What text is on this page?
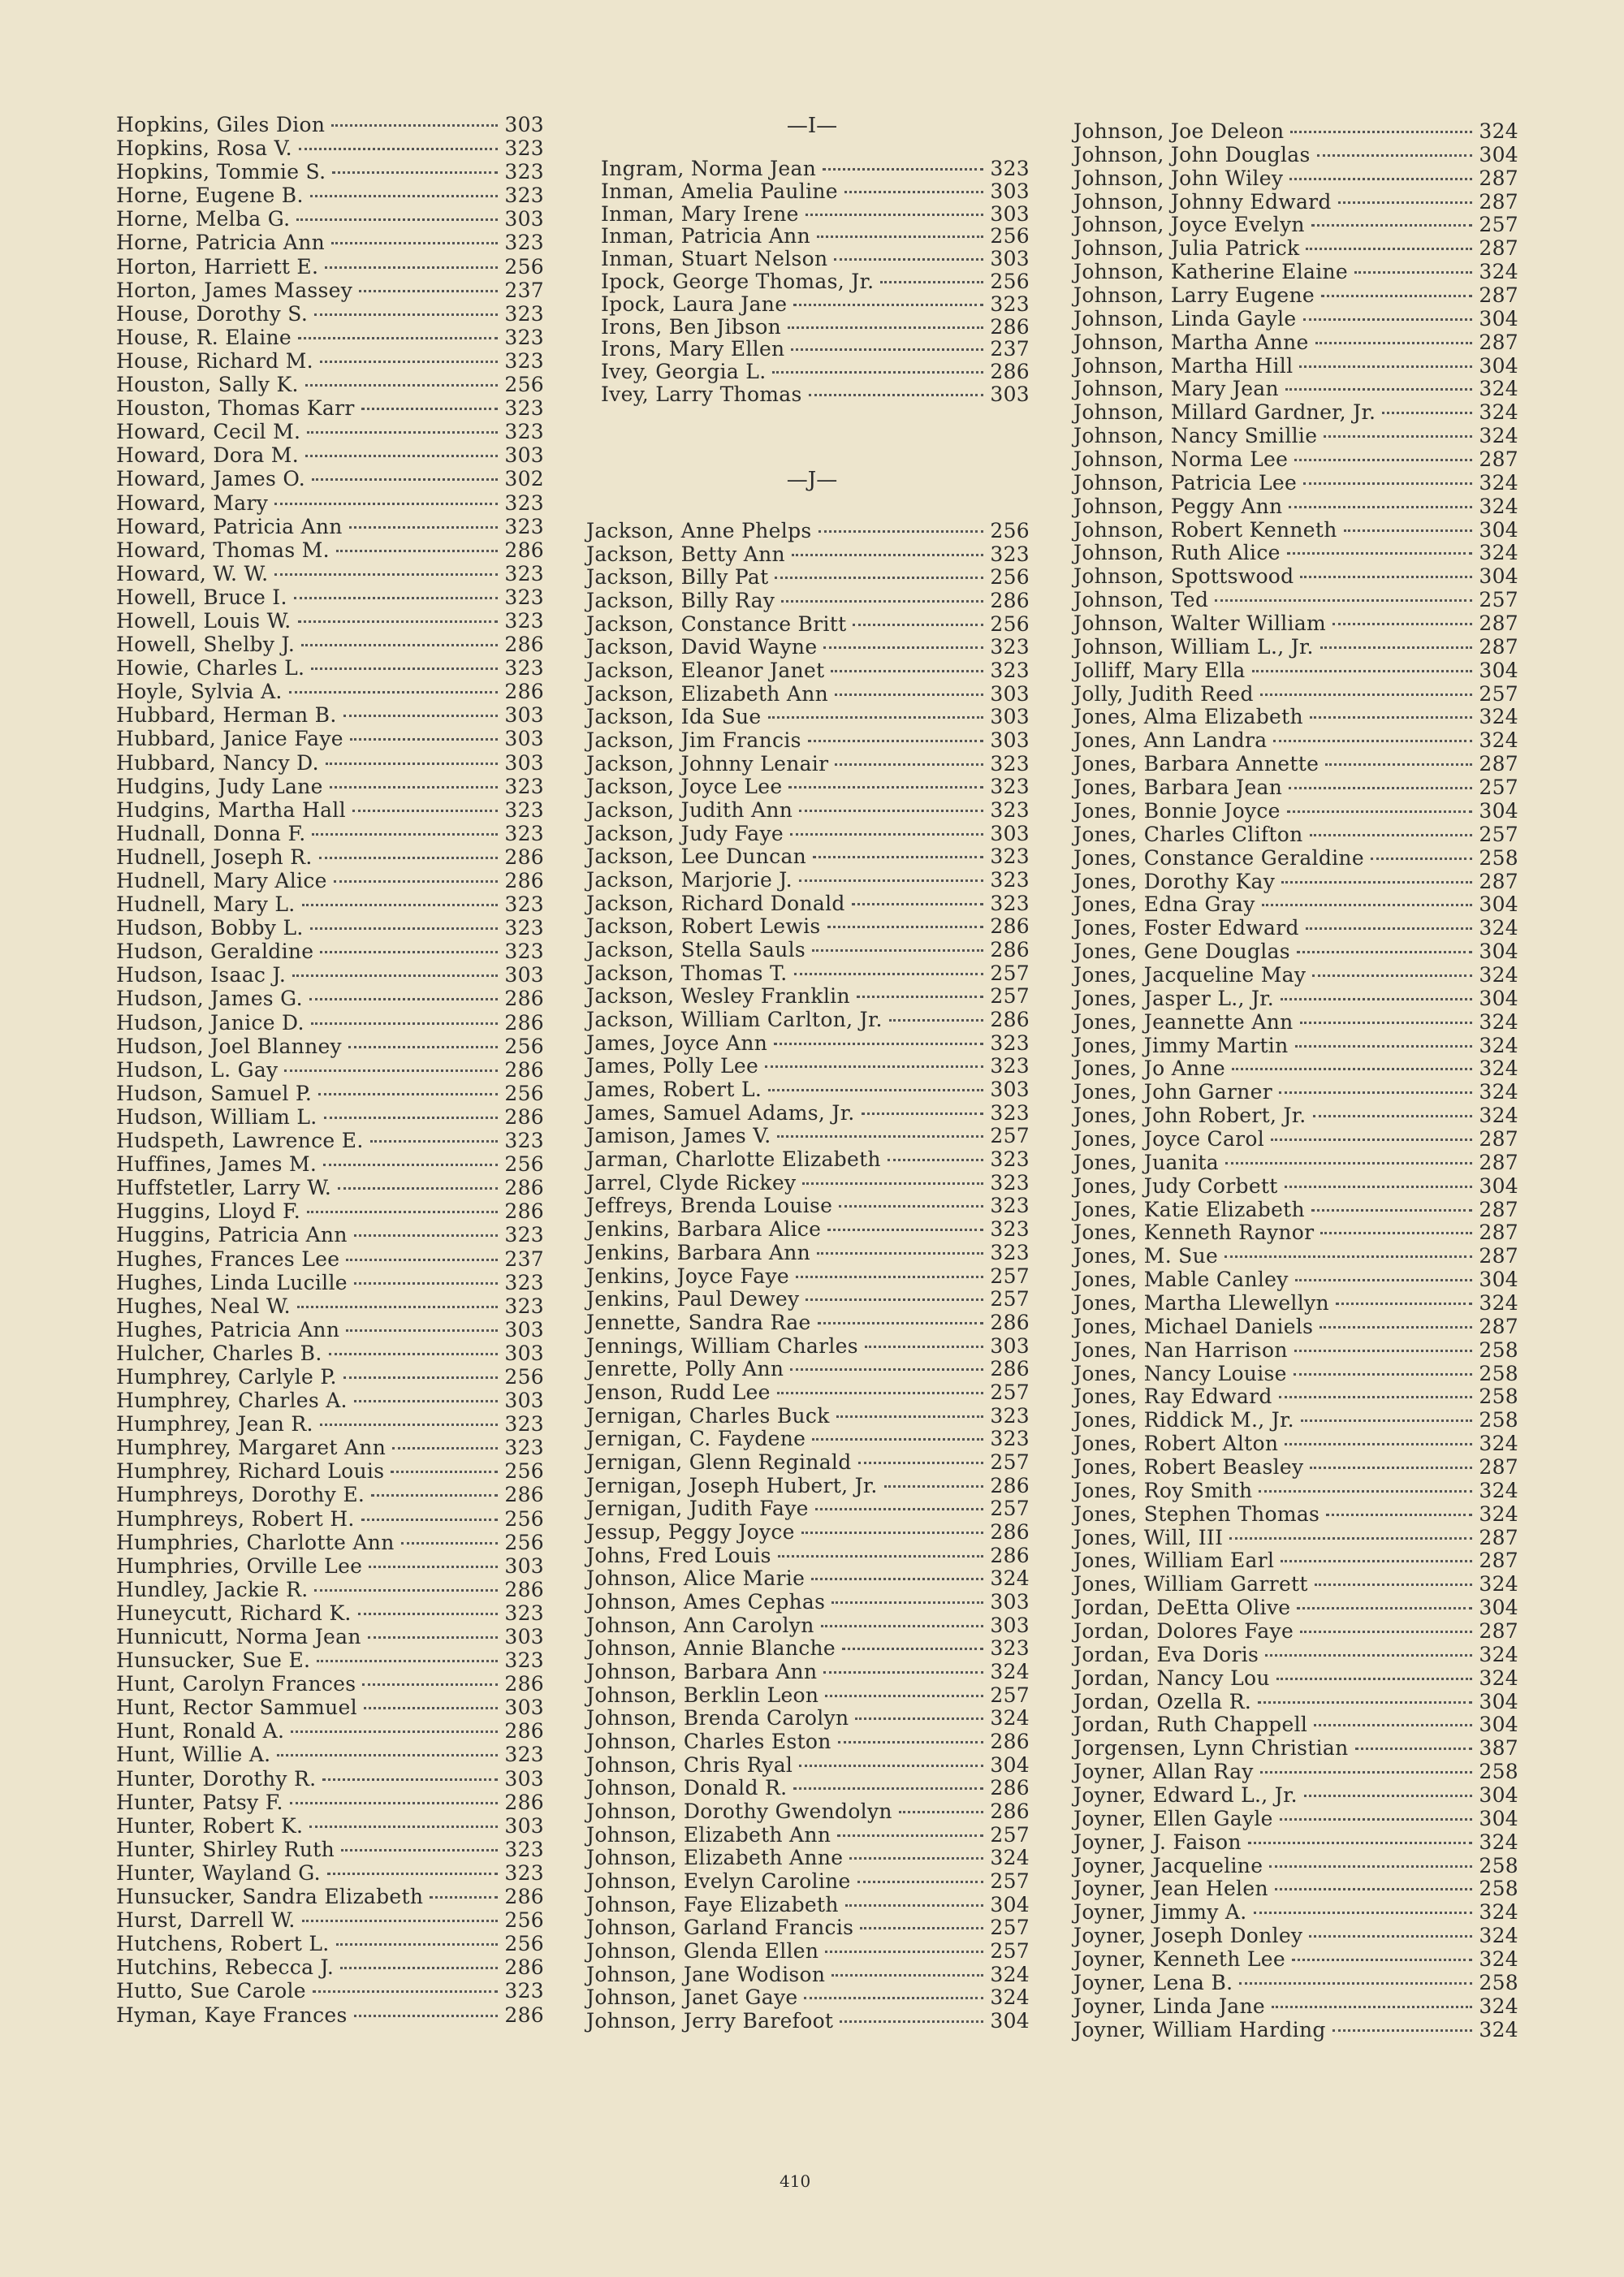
Hopkins, Giles Dion	303
Hopkins, Rosa V.	323
Hopkins, Tommie S.	323
Horne, Eugene B.	323
Horne, Melba G.	303
Horne, Patricia Ann	323
Horton, Harriett E.	256
Horton, James Massey	237
House, Dorothy S.	323
House, R. Elaine	323
House, Richard M.	323
Houston, Sally K.	256
Houston, Thomas Karr	323
Howard, Cecil M.	323
Howard, Dora M.	303
Howard, James O.	302
Howard, Mary	323
Howard, Patricia Ann	323
Howard, Thomas M.	286
Howard, W. W.	323
Howell, Bruce I.	323
Howell, Louis W.	323
Howell, Shelby J.	286
Howie, Charles L.	323
Hoyle, Sylvia A.	286
Hubbard, Herman B.	303
Hubbard, Janice Faye	303
Hubbard, Nancy D.	303
Hudgins, Judy Lane	323
Hudgins, Martha Hall	323
Hudnall, Donna F.	323
Hudnell, Joseph R.	286
Hudnell, Mary Alice	286
Hudnell, Mary L.	323
Hudson, Bobby L.	323
Hudson, Geraldine	323
Hudson, Isaac J.	303
Hudson, James G.	286
Hudson, Janice D.	286
Hudson, Joel Blanney	256
Hudson, L. Gay	286
Hudson, Samuel P.	256
Hudson, William L.	286
Hudspeth, Lawrence E.	323
Huffines, James M.	256
Huffstetler, Larry W.	286
Huggins, Lloyd F.	286
Huggins, Patricia Ann	323
Hughes, Frances Lee	237
Hughes, Linda Lucille	323
Hughes, Neal W.	323
Hughes, Patricia Ann	303
Hulcher, Charles B.	303
Humphrey, Carlyle P.	256
Humphrey, Charles A.	303
Humphrey, Jean R.	323
Humphrey, Margaret Ann	323
Humphrey, Richard Louis	256
Humphreys, Dorothy E.	286
Humphreys, Robert H.	256
Humphries, Charlotte Ann	256
Humphries, Orville Lee	303
Hundley, Jackie R.	286
Huneycutt, Richard K.	323
Hunnicutt, Norma Jean	303
Hunsucker, Sue E.	323
Hunt, Carolyn Frances	286
Hunt, Rector Sammuel	303
Hunt, Ronald A.	286
Hunt, Willie A.	323
Hunter, Dorothy R.	303
Hunter, Patsy F.	286
Hunter, Robert K.	303
Hunter, Shirley Ruth	323
Hunter, Wayland G.	323
Hunsucker, Sandra Elizabeth	286
Hurst, Darrell W.	256
Hutchens, Robert L.	256
Hutchins, Rebecca J.	286
Hutto, Sue Carole	323
Hyman, Kaye Frances	286
—I—
Ingram, Norma Jean	323
Inman, Amelia Pauline	303
Inman, Mary Irene	303
Inman, Patricia Ann	256
Inman, Stuart Nelson	303
Ipock, George Thomas, Jr.	256
Ipock, Laura Jane	323
Irons, Ben Jibson	286
Irons, Mary Ellen	237
Ivey, Georgia L.	286
Ivey, Larry Thomas	303
—J—
Jackson, Anne Phelps	256
Jackson, Betty Ann	323
Jackson, Billy Pat	256
Jackson, Billy Ray	286
Jackson, Constance Britt	256
Jackson, David Wayne	323
Jackson, Eleanor Janet	323
Jackson, Elizabeth Ann	303
Jackson, Ida Sue	303
Jackson, Jim Francis	303
Jackson, Johnny Lenair	323
Jackson, Joyce Lee	323
Jackson, Judith Ann	323
Jackson, Judy Faye	303
Jackson, Lee Duncan	323
Jackson, Marjorie J.	323
Jackson, Richard Donald	323
Jackson, Robert Lewis	286
Jackson, Stella Sauls	286
Jackson, Thomas T.	257
Jackson, Wesley Franklin	257
Jackson, William Carlton, Jr.	286
James, Joyce Ann	323
James, Polly Lee	323
James, Robert L.	303
James, Samuel Adams, Jr.	323
Jamison, James V.	257
Jarman, Charlotte Elizabeth	323
Jarrel, Clyde Rickey	323
Jeffreys, Brenda Louise	323
Jenkins, Barbara Alice	323
Jenkins, Barbara Ann	323
Jenkins, Joyce Faye	257
Jenkins, Paul Dewey	257
Jennette, Sandra Rae	286
Jennings, William Charles	303
Jenrette, Polly Ann	286
Jenson, Rudd Lee	257
Jernigan, Charles Buck	323
Jernigan, C. Faydene	323
Jernigan, Glenn Reginald	257
Jernigan, Joseph Hubert, Jr.	286
Jernigan, Judith Faye	257
Jessup, Peggy Joyce	286
Johns, Fred Louis	286
Johnson, Alice Marie	324
Johnson, Ames Cephas	303
Johnson, Ann Carolyn	303
Johnson, Annie Blanche	323
Johnson, Barbara Ann	324
Johnson, Berklin Leon	257
Johnson, Brenda Carolyn	324
Johnson, Charles Eston	286
Johnson, Chris Ryal	304
Johnson, Donald R.	286
Johnson, Dorothy Gwendolyn	286
Johnson, Elizabeth Ann	257
Johnson, Elizabeth Anne	324
Johnson, Evelyn Caroline	257
Johnson, Faye Elizabeth	304
Johnson, Garland Francis	257
Johnson, Glenda Ellen	257
Johnson, Jane Wodison	324
Johnson, Janet Gaye	324
Johnson, Jerry Barefoot	304
Johnson, Joe Deleon	324
Johnson, John Douglas	304
Johnson, John Wiley	287
Johnson, Johnny Edward	287
Johnson, Joyce Evelyn	257
Johnson, Julia Patrick	287
Johnson, Katherine Elaine	324
Johnson, Larry Eugene	287
Johnson, Linda Gayle	304
Johnson, Martha Anne	287
Johnson, Martha Hill	304
Johnson, Mary Jean	324
Johnson, Millard Gardner, Jr.	324
Johnson, Nancy Smillie	324
Johnson, Norma Lee	287
Johnson, Patricia Lee	324
Johnson, Peggy Ann	324
Johnson, Robert Kenneth	304
Johnson, Ruth Alice	324
Johnson, Spottswood	304
Johnson, Ted	257
Johnson, Walter William	287
Johnson, William L., Jr.	287
Jolliff, Mary Ella	304
Jolly, Judith Reed	257
Jones, Alma Elizabeth	324
Jones, Ann Landra	324
Jones, Barbara Annette	287
Jones, Barbara Jean	257
Jones, Bonnie Joyce	304
Jones, Charles Clifton	257
Jones, Constance Geraldine	258
Jones, Dorothy Kay	287
Jones, Edna Gray	304
Jones, Foster Edward	324
Jones, Gene Douglas	304
Jones, Jacqueline May	324
Jones, Jasper L., Jr.	304
Jones, Jeannette Ann	324
Jones, Jimmy Martin	324
Jones, Jo Anne	324
Jones, John Garner	324
Jones, John Robert, Jr.	324
Jones, Joyce Carol	287
Jones, Juanita	287
Jones, Judy Corbett	304
Jones, Katie Elizabeth	287
Jones, Kenneth Raynor	287
Jones, M. Sue	287
Jones, Mable Canley	304
Jones, Martha Llewellyn	324
Jones, Michael Daniels	287
Jones, Nan Harrison	258
Jones, Nancy Louise	258
Jones, Ray Edward	258
Jones, Riddick M., Jr.	258
Jones, Robert Alton	324
Jones, Robert Beasley	287
Jones, Roy Smith	324
Jones, Stephen Thomas	324
Jones, Will, III	287
Jones, William Earl	287
Jones, William Garrett	324
Jordan, DeEtta Olive	304
Jordan, Dolores Faye	287
Jordan, Eva Doris	324
Jordan, Nancy Lou	324
Jordan, Ozella R.	304
Jordan, Ruth Chappell	304
Jorgensen, Lynn Christian	387
Joyner, Allan Ray	258
Joyner, Edward L., Jr.	304
Joyner, Ellen Gayle	304
Joyner, J. Faison	324
Joyner, Jacqueline	258
Joyner, Jean Helen	258
Joyner, Jimmy A.	324
Joyner, Joseph Donley	324
Joyner, Kenneth Lee	324
Joyner, Lena B.	258
Joyner, Linda Jane	324
Joyner, William Harding	324
410
